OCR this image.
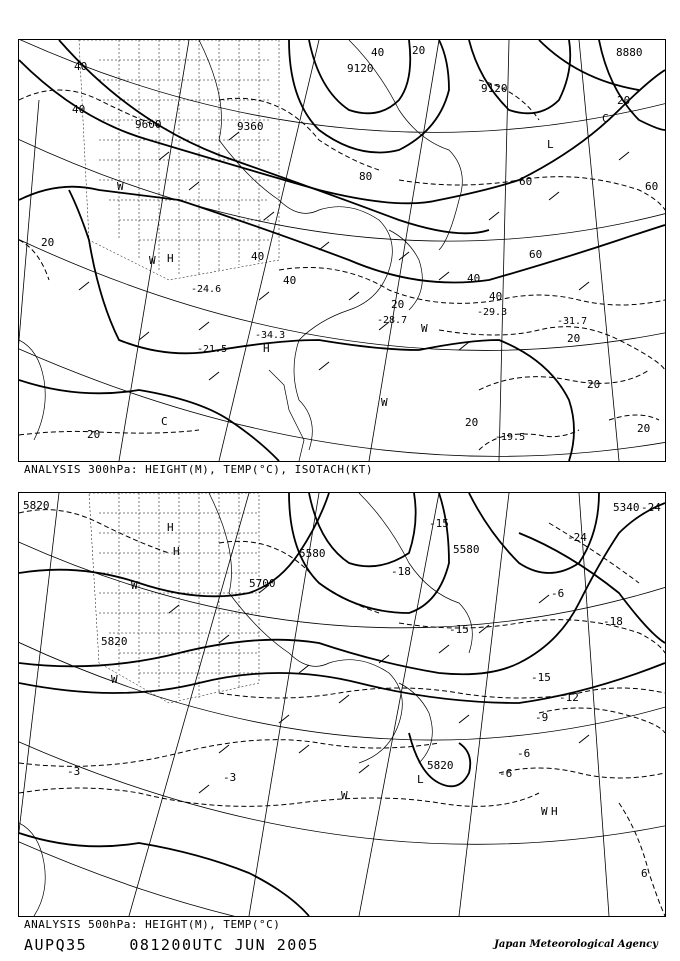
9120
9120
9600	9360
8880
40
40
20
40
60
80
40
20
20
20
20
20
40
20
40
60
20
60
20
40
-24.6
-31.7
-29.3
-28.7
-34.3
-21.5
-19.5
W H
W
H
W
W
C
C
L
ANALYSIS 300hPa: HEIGHT(M), TEMP(°C), ISOTACH(KT)
5820
5580
5700
5820
5580
5340
5820
-15
-24
-24
-18
-18
-15
-12
-9
-6
-6
-3	-3
6
-6
-15
H
W
W
H
W
L
W H
ANALYSIS 500hPa: HEIGHT(M), TEMP(°C)
AUPQ35	081200UTC JUN 2005	Japan Meteorological Agency
